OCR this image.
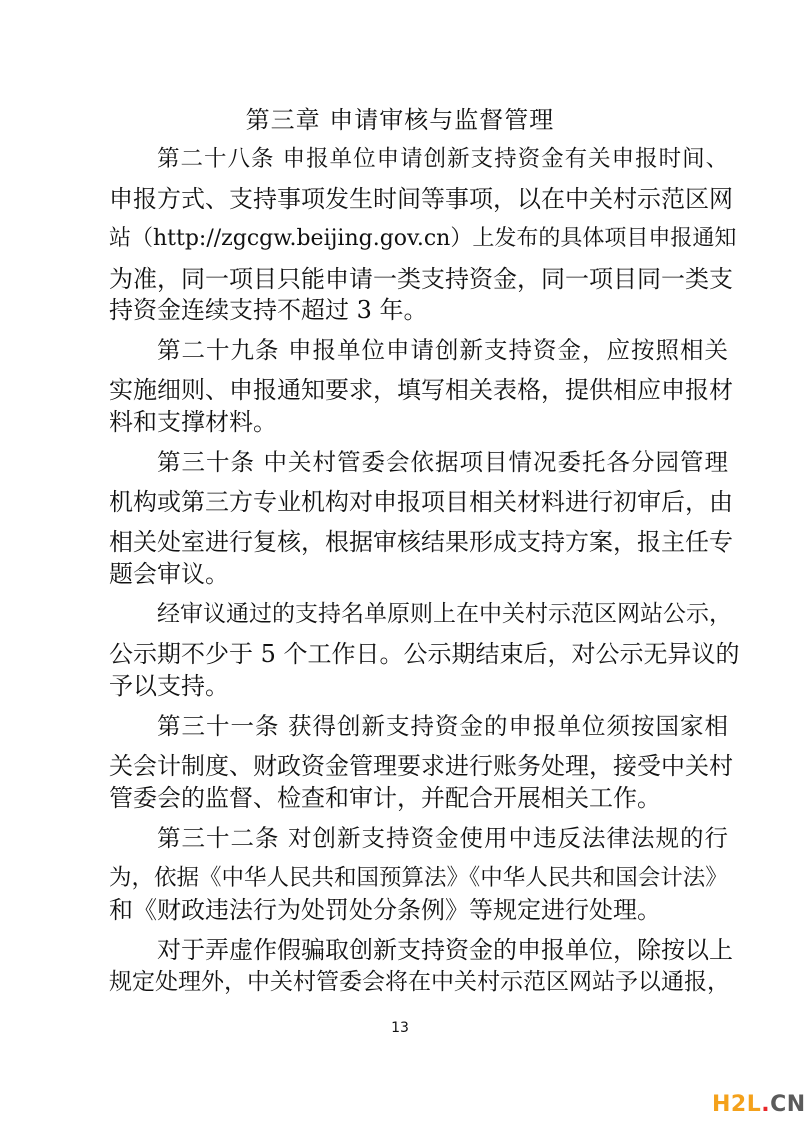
第三章 申请审核与监督管理
第二十八条 申报单位申请创新支持资金有关申报时间、
申报方式、支持事项发生时间等事项，以在中关村示范区网
站（http://zgcgw.beijing.gov.cn）上发布的具体项目申报通知
为准，同一项目只能申请一类支持资金，同一项目同一类支
持资金连续支持不超过 3 年。
第二十九条 申报单位申请创新支持资金，应按照相关
实施细则、申报通知要求，填写相关表格，提供相应申报材
料和支撑材料。
第三十条 中关村管委会依据项目情况委托各分园管理
机构或第三方专业机构对申报项目相关材料进行初审后，由
相关处室进行复核，根据审核结果形成支持方案，报主任专
题会审议。
经审议通过的支持名单原则上在中关村示范区网站公示，
公示期不少于 5 个工作日。公示期结束后，对公示无异议的
予以支持。
第三十一条 获得创新支持资金的申报单位须按国家相
关会计制度、财政资金管理要求进行账务处理，接受中关村
管委会的监督、检查和审计，并配合开展相关工作。
第三十二条 对创新支持资金使用中违反法律法规的行
为，依据《中华人民共和国预算法》《中华人民共和国会计法》
和《财政违法行为处罚处分条例》等规定进行处理。
对于弄虚作假骗取创新支持资金的申报单位，除按以上
规定处理外，中关村管委会将在中关村示范区网站予以通报，
13
H2L.CN
